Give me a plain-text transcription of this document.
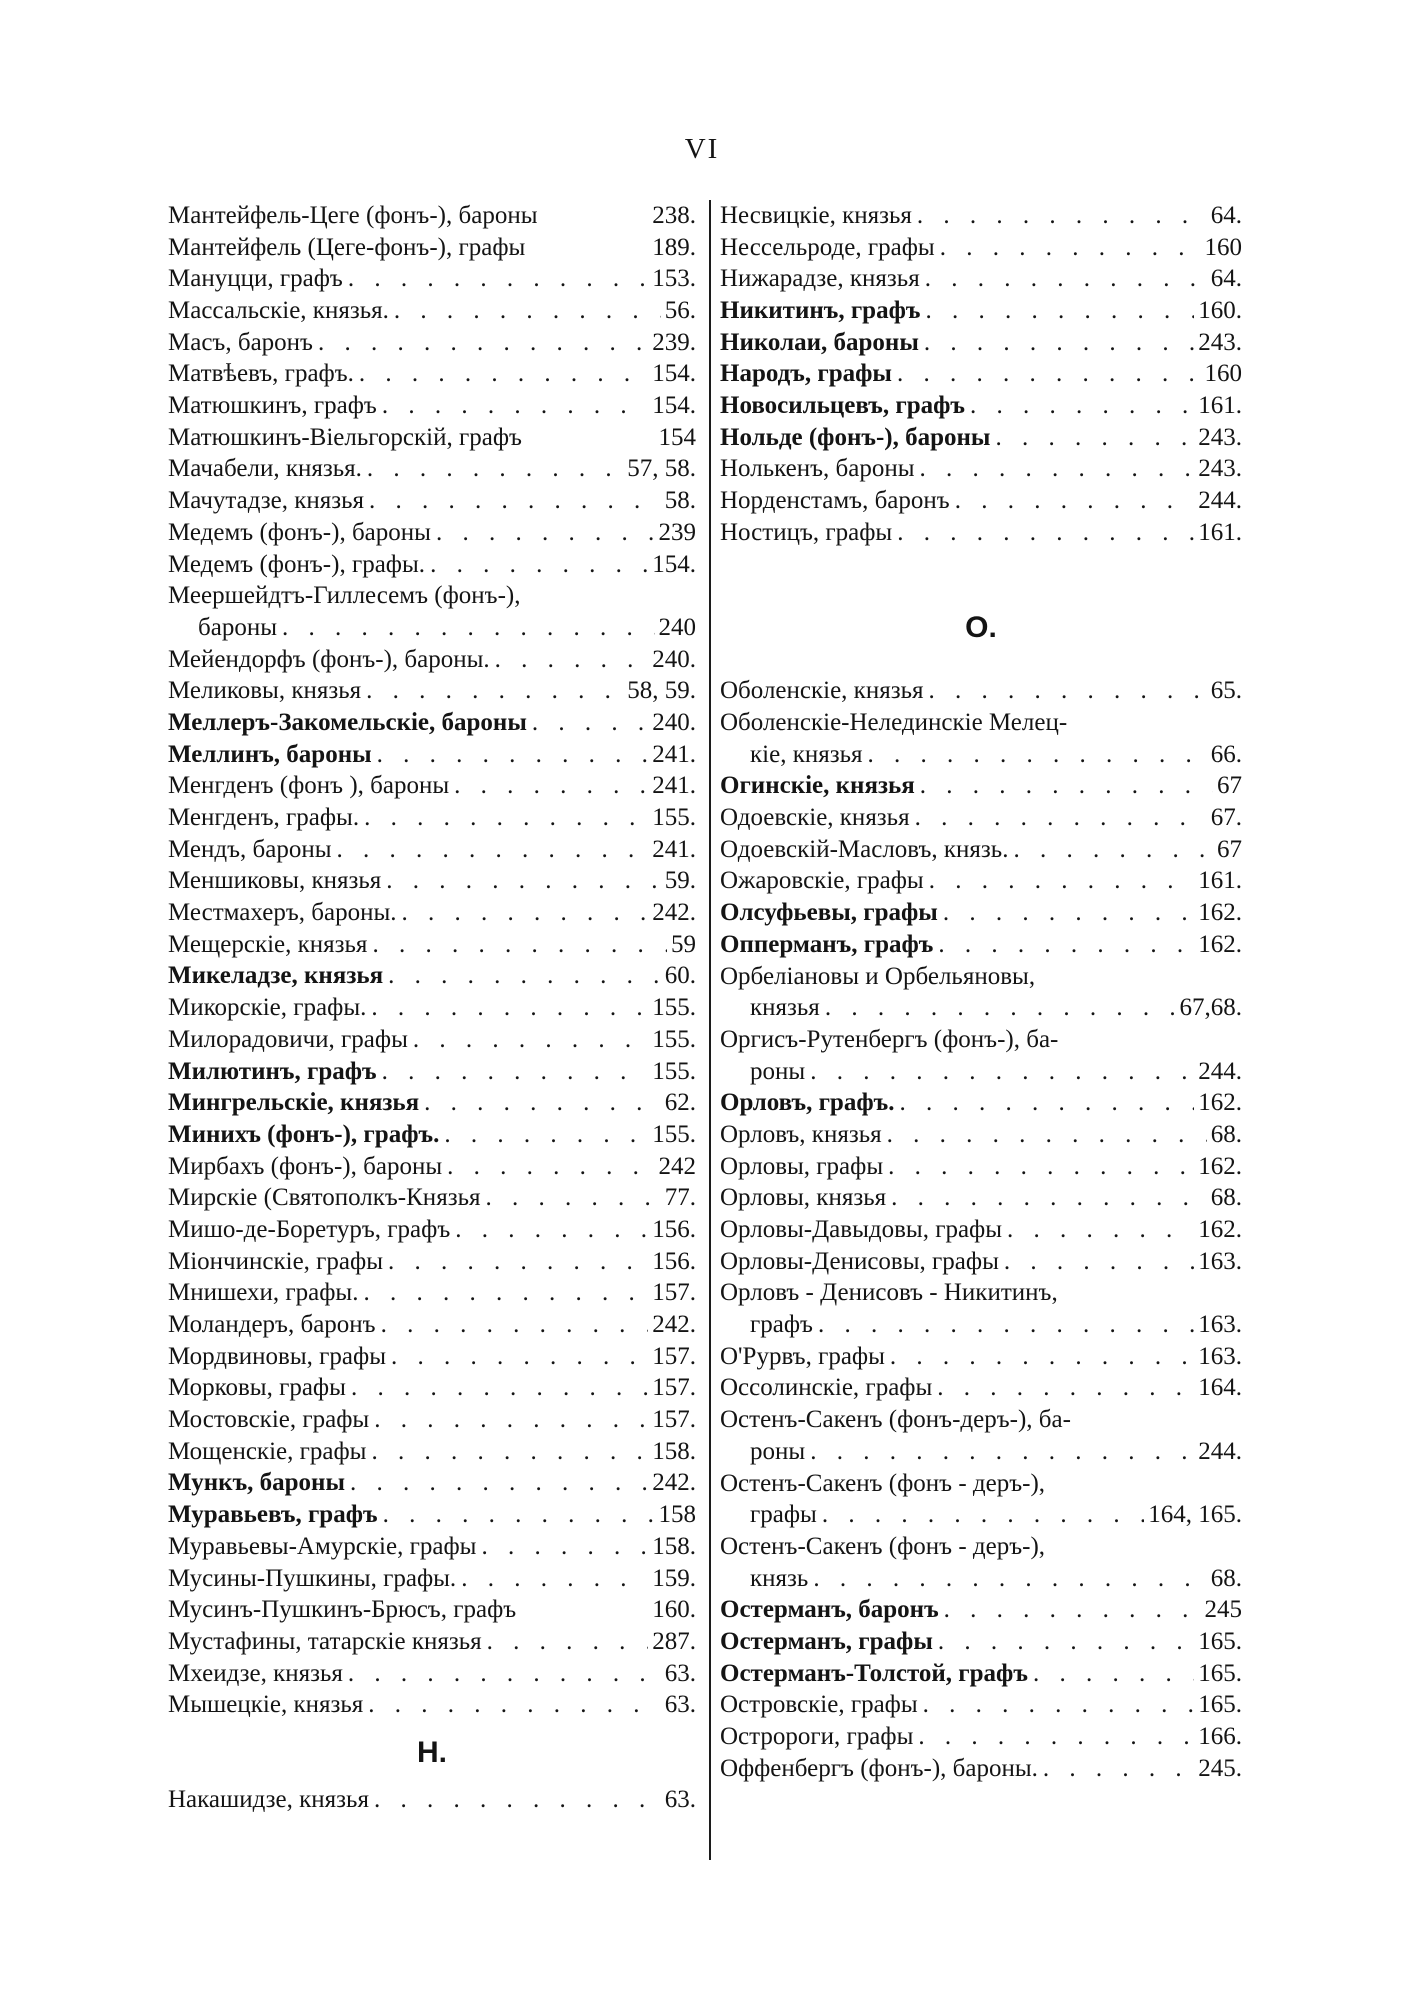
VI
Мантейфель-Цеге (фонъ-), бароны	238.
Мантейфель (Цеге-фонъ-), графы	189.
Мануцци, графъ . . .	153.
Массальскіе, князья. . . .	56.
Масъ, баронъ . . .	239.
Матвѣевъ, графъ. . . .	154.
Матюшкинъ, графъ . . .	154.
Матюшкинъ-Віельгорскій, графъ	154
Мачабели, князья. . . .	57, 58.
Мачутадзе, князья . . .	58.
Медемъ (фонъ-), бароны . . .	239
Медемъ (фонъ-), графы. . . .	154.
Меершейдтъ-Гиллесемъ (фонъ-),
бароны . . .	240
Мейендорфъ (фонъ-), бароны. . . .	240.
Меликовы, князья . . .	58, 59.
Меллеръ-Закомельскіе, бароны . . .	240.
Меллинъ, бароны . . .	241.
Менгденъ (фонъ ), бароны . . .	241.
Менгденъ, графы. . . .	155.
Мендъ, бароны . . .	241.
Меншиковы, князья . . .	59.
Местмахеръ, бароны. . . .	242.
Мещерскіе, князья . . .	59
Микеладзе, князья . . .	60.
Микорскіе, графы. . . .	155.
Милорадовичи, графы . . .	155.
Милютинъ, графъ . . .	155.
Мингрельскіе, князья . . .	62.
Минихъ (фонъ-), графъ. . . .	155.
Мирбахъ (фонъ-), бароны . . .	242
Мирскіе (Святополкъ-Князья . . .	77.
Мишо-де-Боретуръ, графъ . . .	156.
Міончинскіе, графы . . .	156.
Мнишехи, графы. . . .	157.
Моландеръ, баронъ . . .	242.
Мордвиновы, графы . . .	157.
Морковы, графы . . .	157.
Мостовскіе, графы . . .	157.
Мощенскіе, графы . . .	158.
Мункъ, бароны . . .	242.
Муравьевъ, графъ . . .	158
Муравьевы-Амурскіе, графы . . .	158.
Мусины-Пушкины, графы. . . .	159.
Мусинъ-Пушкинъ-Брюсъ, графъ	160.
Мустафины, татарскіе князья . . .	287.
Мхеидзе, князья . . .	63.
Мышецкіе, князья . . .	63.
Н.
Накашидзе, князья . . .	63.
Несвицкіе, князья . . .	64.
Нессельроде, графы . . .	160
Нижарадзе, князья . . .	64.
Никитинъ, графъ . . .	160.
Николаи, бароны . . .	243.
Народъ, графы . . .	160
Новосильцевъ, графъ . . .	161.
Нольде (фонъ-), бароны . . .	243.
Нолькенъ, бароны . . .	243.
Норденстамъ, баронъ . . .	244.
Ностицъ, графы . . .	161.
О.
Оболенскіе, князья . . .	65.
Оболенскіе-Нелединскіе Мелец-
кіе, князья . . .	66.
Огинскіе, князья . . .	67
Одоевскіе, князья . . .	67.
Одоевскій-Масловъ, князь. . . .	67
Ожаровскіе, графы . . .	161.
Олсуфьевы, графы . . .	162.
Опперманъ, графъ . . .	162.
Орбеліановы и Орбельяновы,
князья . . .	67,68.
Оргисъ-Рутенбергъ (фонъ-), ба-
роны . . .	244.
Орловъ, графъ. . . .	162.
Орловъ, князья . . .	68.
Орловы, графы . . .	162.
Орловы, князья . . .	68.
Орловы-Давыдовы, графы . . .	162.
Орловы-Денисовы, графы . . .	163.
Орловъ - Денисовъ - Никитинъ,
графъ . . .	163.
О'Рурвъ, графы . . .	163.
Оссолинскіе, графы . . .	164.
Остенъ-Сакенъ (фонъ-деръ-), ба-
роны . . .	244.
Остенъ-Сакенъ (фонъ - деръ-),
графы . . .	164, 165.
Остенъ-Сакенъ (фонъ - деръ-),
князь . . .	68.
Остерманъ, баронъ . . .	245
Остерманъ, графы . . .	165.
Остерманъ-Толстой, графъ . . .	165.
Островскіе, графы . . .	165.
Остророги, графы . . .	166.
Оффенбергъ (фонъ-), бароны. . . .	245.
